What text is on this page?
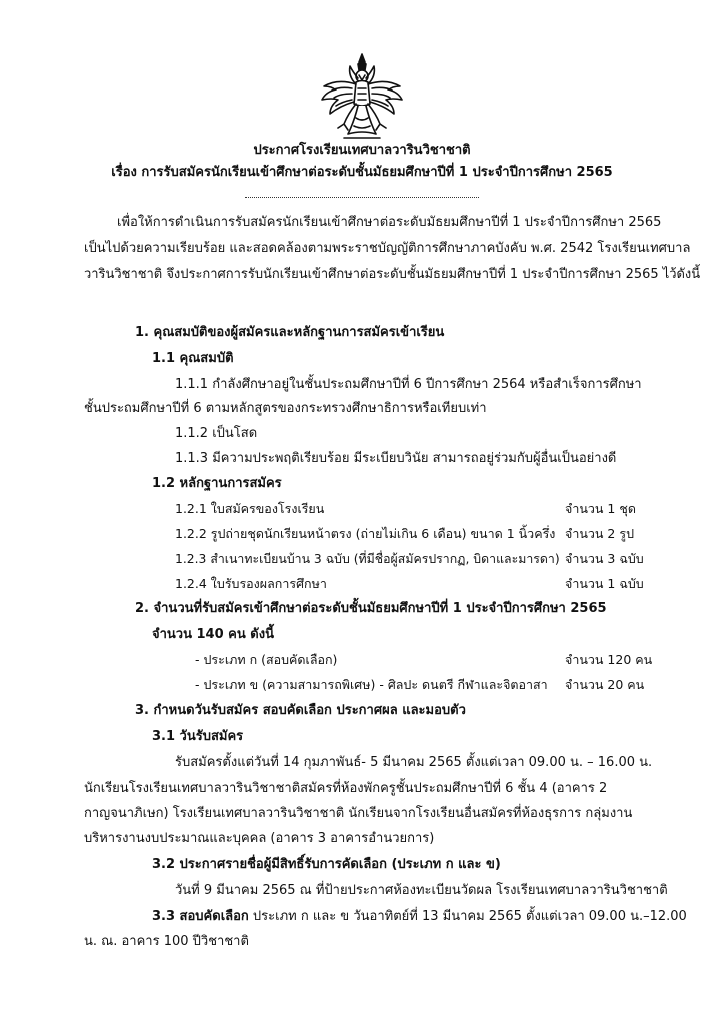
ประกาศโรงเรียนเทศบาลวารินวิชาชาติ
เรื่อง การรับสมัครนักเรียนเข้าศึกษาต่อระดับชั้นมัธยมศึกษาปีที่ 1 ประจำปีการศึกษา 2565
เพื่อให้การดำเนินการรับสมัครนักเรียนเข้าศึกษาต่อระดับมัธยมศึกษาปีที่ 1 ประจำปีการศึกษา 2565
เป็นไปด้วยความเรียบร้อย และสอดคล้องตามพระราชบัญญัติการศึกษาภาคบังคับ พ.ศ. 2542 โรงเรียนเทศบาล
วารินวิชาชาติ จึงประกาศการรับนักเรียนเข้าศึกษาต่อระดับชั้นมัธยมศึกษาปีที่ 1 ประจำปีการศึกษา 2565 ไว้ดังนี้
1. คุณสมบัติของผู้สมัครและหลักฐานการสมัครเข้าเรียน
1.1 คุณสมบัติ
1.1.1 กำลังศึกษาอยู่ในชั้นประถมศึกษาปีที่ 6 ปีการศึกษา 2564 หรือสำเร็จการศึกษา
ชั้นประถมศึกษาปีที่ 6 ตามหลักสูตรของกระทรวงศึกษาธิการหรือเทียบเท่า
1.1.2 เป็นโสด
1.1.3 มีความประพฤติเรียบร้อย มีระเบียบวินัย สามารถอยู่ร่วมกับผู้อื่นเป็นอย่างดี
1.2 หลักฐานการสมัคร
1.2.1 ใบสมัครของโรงเรียน	จำนวน 1 ชุด
1.2.2 รูปถ่ายชุดนักเรียนหน้าตรง (ถ่ายไม่เกิน 6 เดือน) ขนาด 1 นิ้วครึ่ง จำนวน 2 รูป
1.2.3 สำเนาทะเบียนบ้าน 3 ฉบับ (ที่มีชื่อผู้สมัครปรากฏ, บิดาและมารดา) จำนวน 3 ฉบับ
1.2.4 ใบรับรองผลการศึกษา	จำนวน 1 ฉบับ
2. จำนวนที่รับสมัครเข้าศึกษาต่อระดับชั้นมัธยมศึกษาปีที่ 1 ประจำปีการศึกษา 2565
จำนวน 140 คน ดังนี้
- ประเภท ก (สอบคัดเลือก)	จำนวน 120 คน
- ประเภท ข (ความสามารถพิเศษ) - ศิลปะ ดนตรี กีฬาและจิตอาสา จำนวน 20 คน
3. กำหนดวันรับสมัคร สอบคัดเลือก ประกาศผล และมอบตัว
3.1 วันรับสมัคร
รับสมัครตั้งแต่วันที่ 14 กุมภาพันธ์- 5 มีนาคม 2565 ตั้งแต่เวลา 09.00 น. – 16.00 น.
นักเรียนโรงเรียนเทศบาลวารินวิชาชาติสมัครที่ห้องพักครูชั้นประถมศึกษาปีที่ 6 ชั้น 4 (อาคาร 2
กาญจนาภิเษก) โรงเรียนเทศบาลวารินวิชาชาติ นักเรียนจากโรงเรียนอื่นสมัครที่ห้องธุรการ กลุ่มงาน
บริหารงานงบประมาณและบุคคล (อาคาร 3 อาคารอำนวยการ)
3.2 ประกาศรายชื่อผู้มีสิทธิ์รับการคัดเลือก (ประเภท ก และ ข)
วันที่ 9 มีนาคม 2565 ณ ที่ป้ายประกาศห้องทะเบียนวัดผล โรงเรียนเทศบาลวารินวิชาชาติ
3.3 สอบคัดเลือก ประเภท ก และ ข วันอาทิตย์ที่ 13 มีนาคม 2565 ตั้งแต่เวลา 09.00 น.–12.00
น. ณ. อาคาร 100 ปีวิชาชาติ
